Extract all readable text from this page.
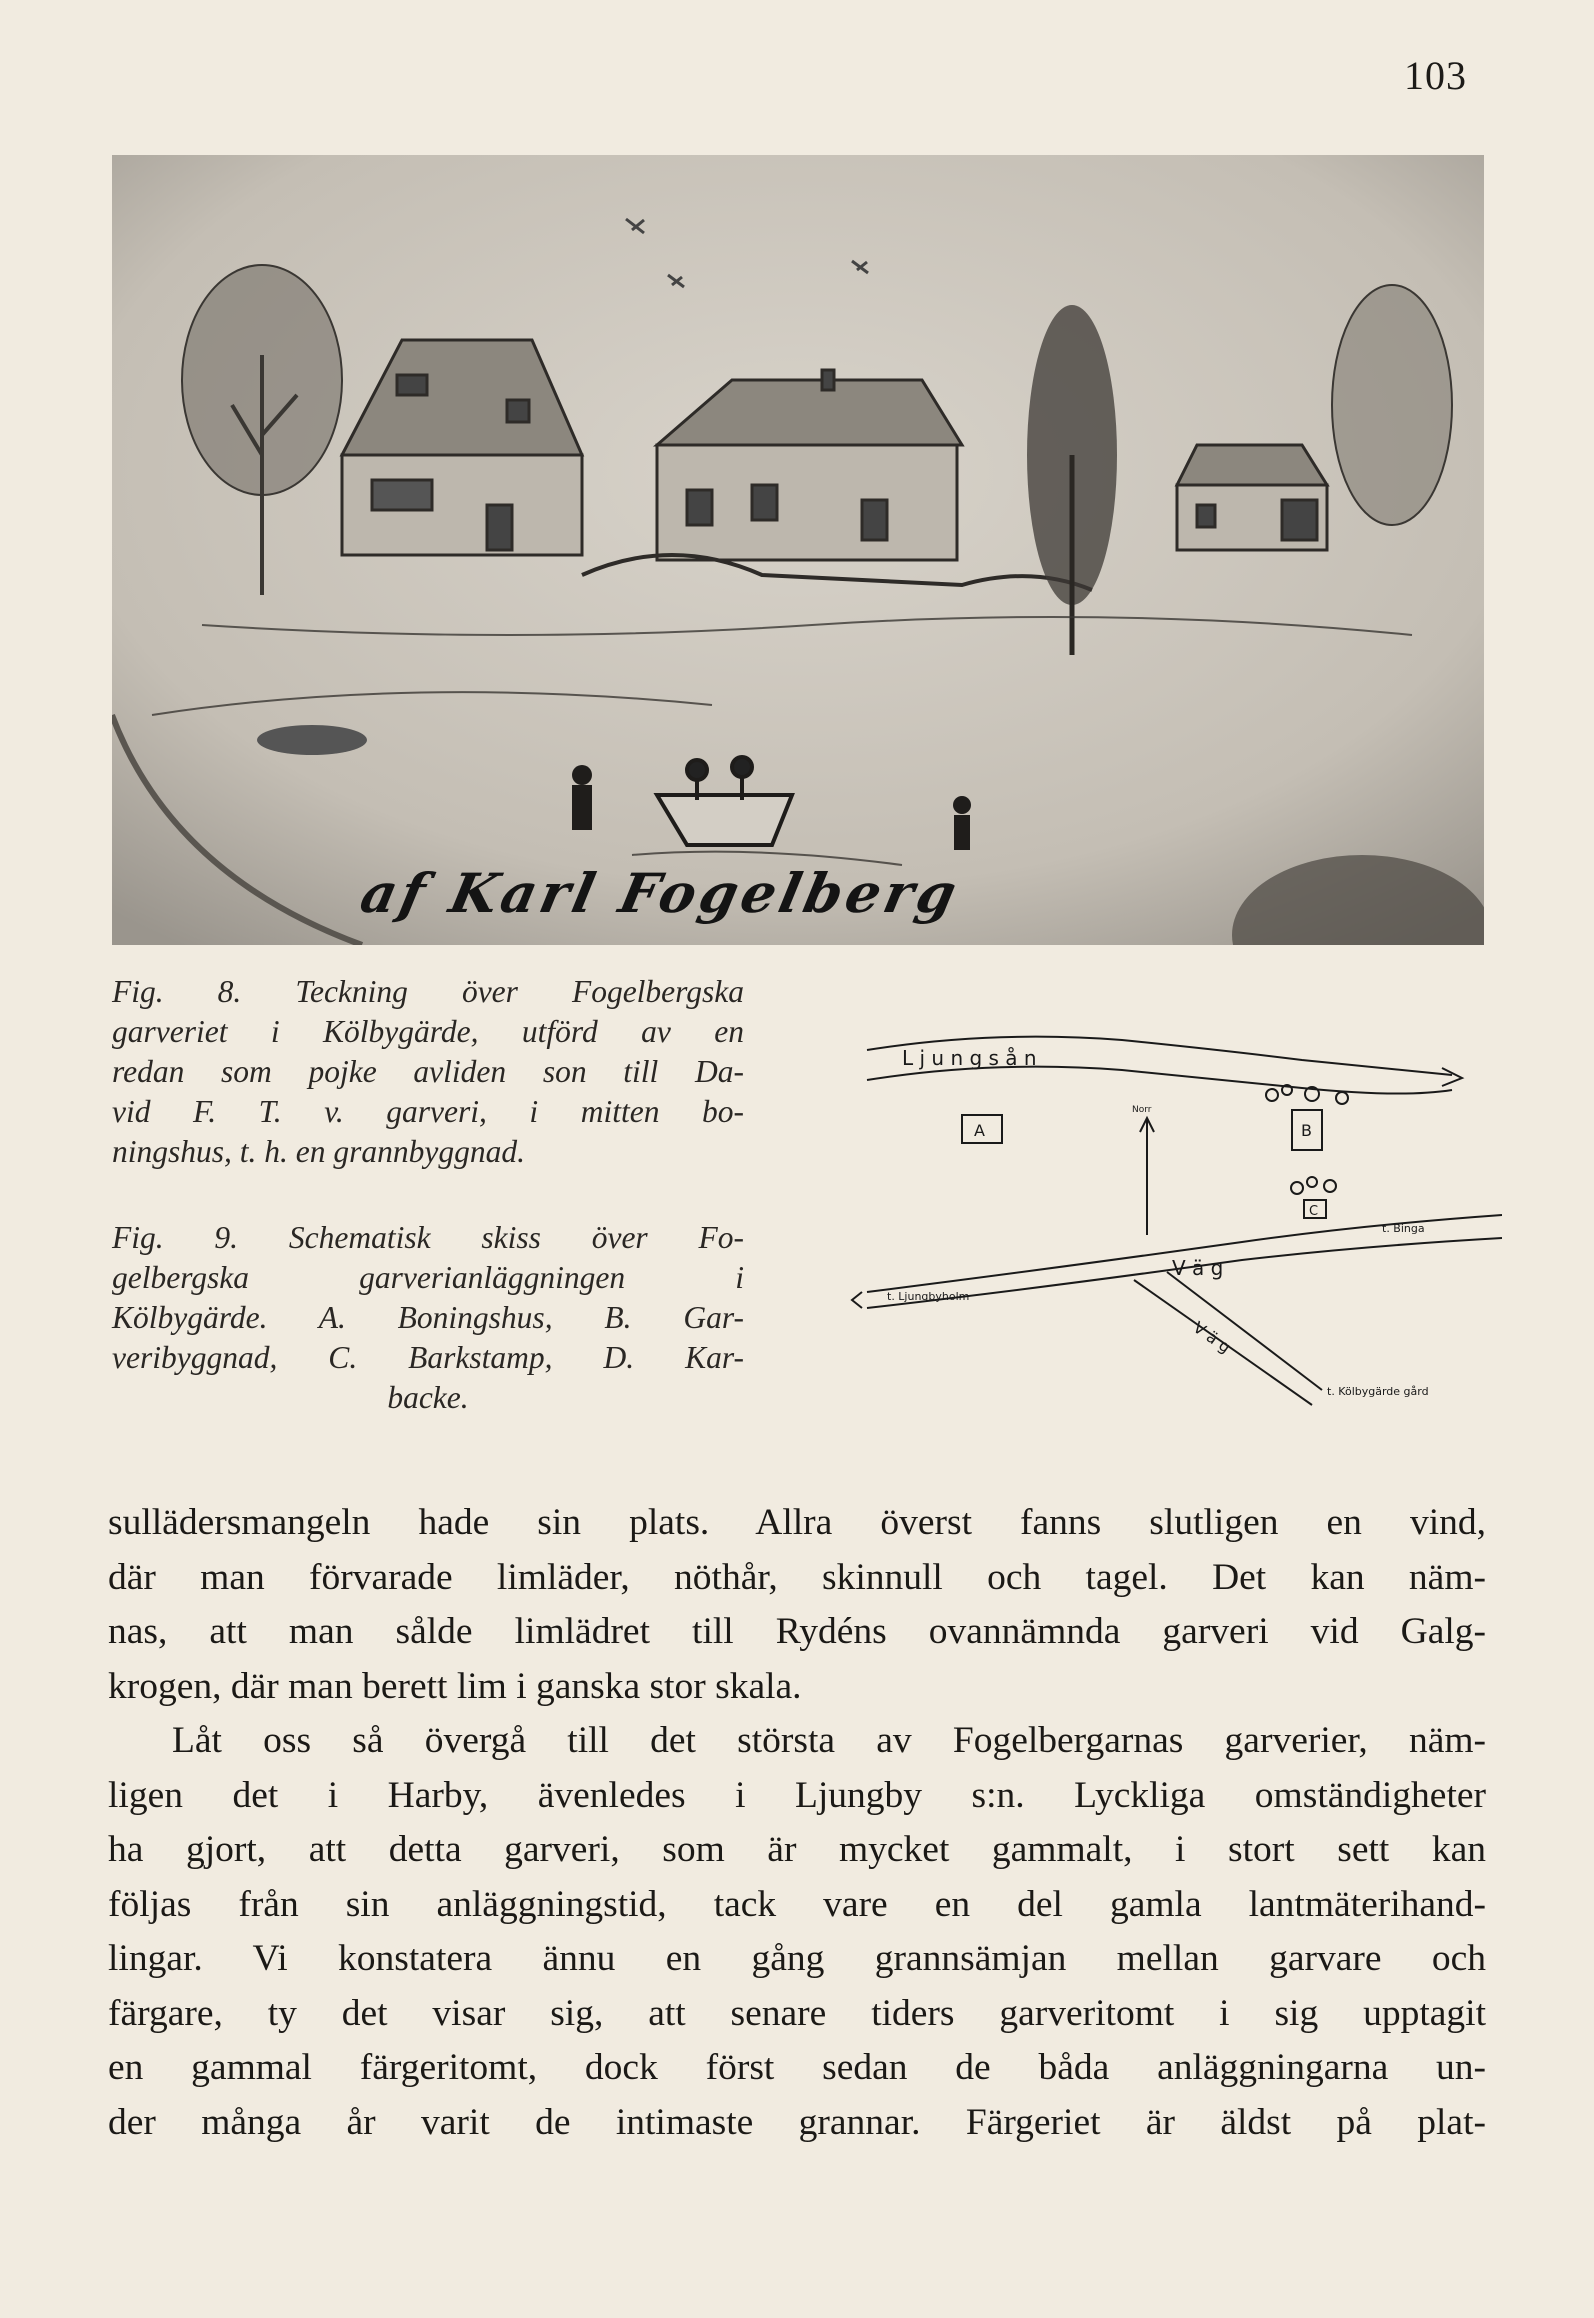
103
af Karl Fogelberg
Fig. 8. Teckning över Fogelbergska
garveriet i Kölbygärde, utförd av en
redan som pojke avliden son till Da-
vid F. T. v. garveri, i mitten bo-
ningshus, t. h. en grannbyggnad.
Fig. 9. Schematisk skiss över Fo-
gelbergska garverianläggningen i
Kölbygärde. A. Boningshus, B. Gar-
veribyggnad, C. Barkstamp, D. Kar-
backe.
L j u n g s å n
Norr
A	B
C
V ä g
V ä g
t. Ljungbyholm
t. Binga
t. Kölbygärde gård
sullädersmangeln hade sin plats. Allra överst fanns slutligen en vind,
där man förvarade limläder, nöthår, skinnull och tagel. Det kan näm-
nas, att man sålde limlädret till Rydéns ovannämnda garveri vid Galg-
krogen, där man berett lim i ganska stor skala.
Låt oss så övergå till det största av Fogelbergarnas garverier, näm-
ligen det i Harby, ävenledes i Ljungby s:n. Lyckliga omständigheter
ha gjort, att detta garveri, som är mycket gammalt, i stort sett kan
följas från sin anläggningstid, tack vare en del gamla lantmäterihand-
lingar. Vi konstatera ännu en gång grannsämjan mellan garvare och
färgare, ty det visar sig, att senare tiders garveritomt i sig upptagit
en gammal färgeritomt, dock först sedan de båda anläggningarna un-
der många år varit de intimaste grannar. Färgeriet är äldst på plat-
